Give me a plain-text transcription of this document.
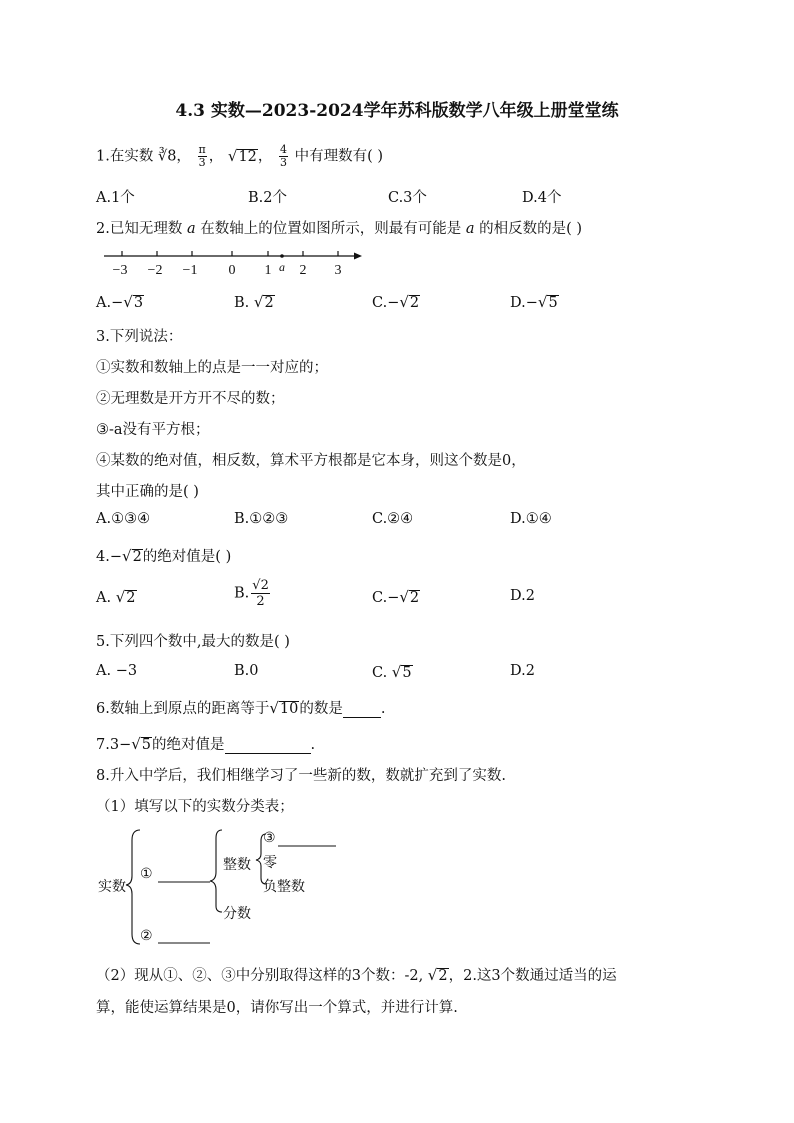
4.3 实数—2023-2024学年苏科版数学八年级上册堂堂练
1.在实数 ∛8， $\frac{\pi}{3}$ ， √12， $\frac{4}{3}$ 中有理数有( )
A.1个	B.2个	C.3个	D.4个
2.已知无理数 a 在数轴上的位置如图所示，则最有可能是 a 的相反数的是( )
−3 −2 −1 0 1 a 2 3
A.−√3	B. √2	C.−√2	D.−√5
3.下列说法：
①实数和数轴上的点是一一对应的；
②无理数是开方开不尽的数；
③-a没有平方根；
④某数的绝对值，相反数，算术平方根都是它本身，则这个数是0，
其中正确的是( )
A.①③④	B.①②③	C.②④	D.①④
4.−√2的绝对值是( )
A. √2	B. $\frac{√2}{2}$	C.−√2	D.2
5.下列四个数中,最大的数是( )
A. −3	B.0	C. √5	D.2
6.数轴上到原点的距离等于√10的数是	.
7.3−√5的绝对值是	.
8.升入中学后，我们相继学习了一些新的数，数就扩充到了实数.
（1）填写以下的实数分类表；
实数
①
②
整数
分数
③
零
负整数
（2）现从①、②、③中分别取得这样的3个数：-2, √2，2.这3个数通过适当的运
算，能使运算结果是0，请你写出一个算式，并进行计算.
